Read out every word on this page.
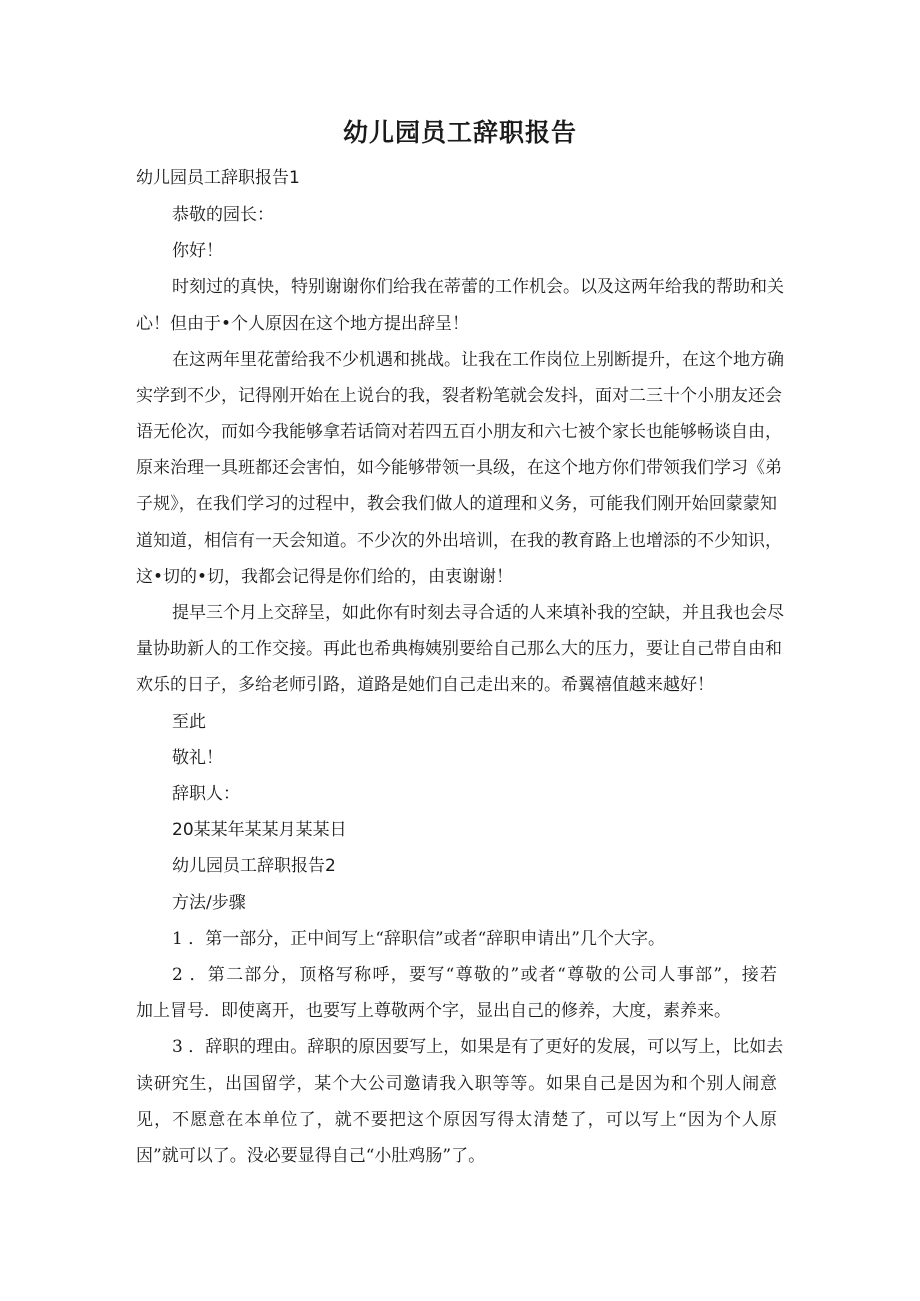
幼儿园员工辞职报告

幼儿园员工辞职报告1

恭敬的园长：

你好！

时刻过的真快，特别谢谢你们给我在蒂蕾的工作机会。以及这两年给我的帮助和关

心！但由于•个人原因在这个地方提出辞呈！

在这两年里花蕾给我不少机遇和挑战。让我在工作岗位上别断提升，在这个地方确

实学到不少，记得刚开始在上说台的我，裂者粉笔就会发抖，面对二三十个小朋友还会

语无伦次，而如今我能够拿若话筒对若四五百小朋友和六七被个家长也能够畅谈自由，

原来治理一具班都还会害怕，如今能够带领一具级，在这个地方你们带领我们学习《弟

子规》，在我们学习的过程中，教会我们做人的道理和义务，可能我们刚开始回蒙蒙知

道知道，相信有一天会知道。不少次的外出培训，在我的教育路上也增添的不少知识，

这•切的•切，我都会记得是你们给的，由衷谢谢！

提早三个月上交辞呈，如此你有时刻去寻合适的人来填补我的空缺，并且我也会尽

量协助新人的工作交接。再此也希典梅姨别要给自己那么大的压力，要让自己带自由和

欢乐的日子，多给老师引路，道路是她们自己走出来的。希翼禧值越来越好！

至此

敬礼！

辞职人：

20某某年某某月某某日

幼儿园员工辞职报告2

方法/步骤

1 ．第一部分，正中间写上“辞职信”或者“辞职申请出”几个大字。

2 ．第二部分，顶格写称呼，要写“尊敬的”或者“尊敬的公司人事部”，接若

加上冒号．即使离开，也要写上尊敬两个字，显出自己的修养，大度，素养来。

3 ．辞职的理由。辞职的原因要写上，如果是有了更好的发展，可以写上，比如去

读研究生，出国留学，某个大公司邀请我入职等等。如果自己是因为和个别人闹意

见，不愿意在本单位了，就不要把这个原因写得太清楚了，可以写上“因为个人原

因”就可以了。没必要显得自己“小肚鸡肠”了。
